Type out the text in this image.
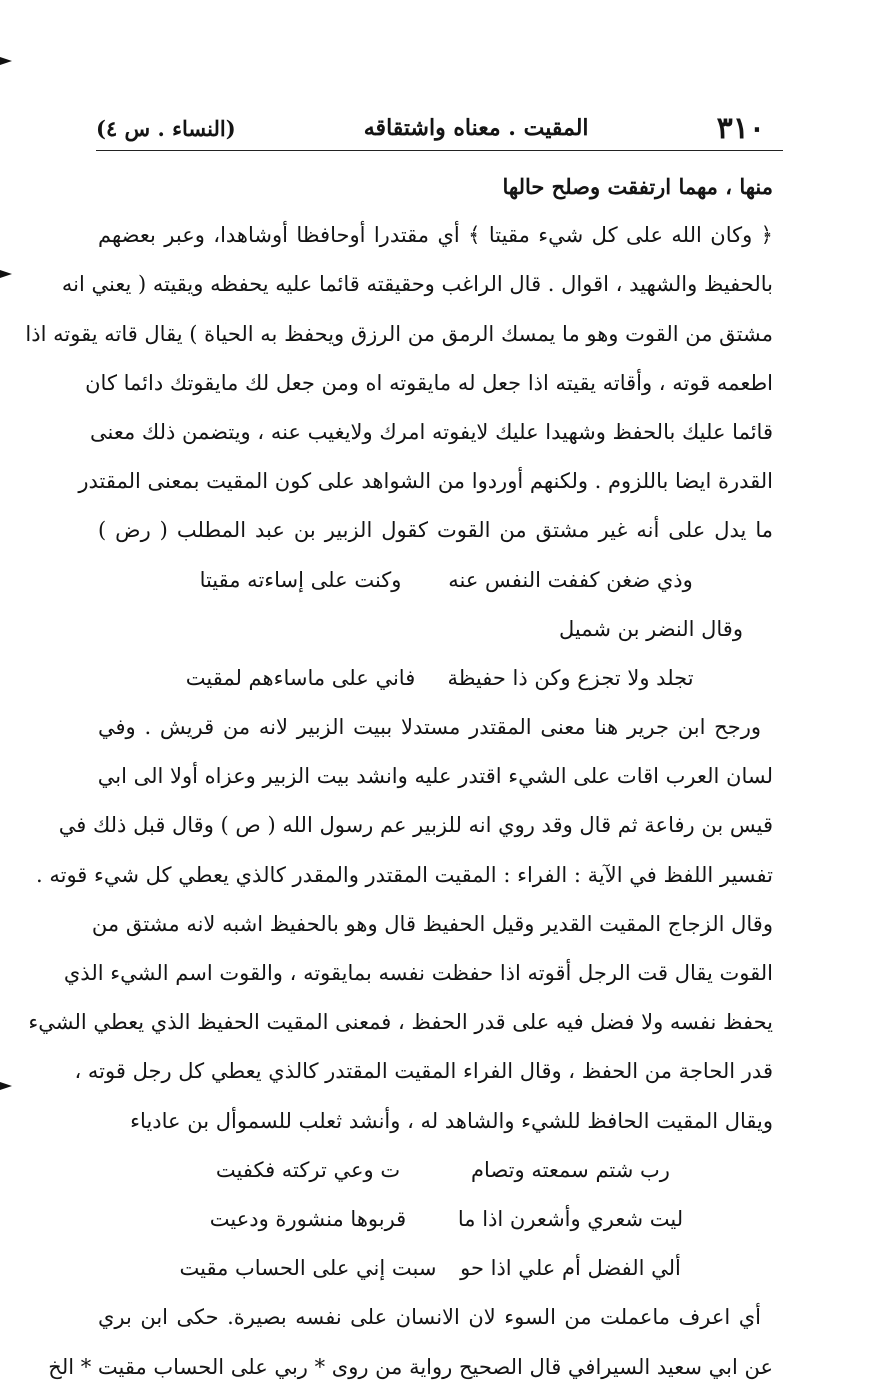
٣١٠
المقيت . معناه واشتقاقه
(النساء . س ٤)
منها ، مهما ارتفقت وصلح حالها
﴿ وكان الله على كل شيء مقيتا ﴾ أي مقتدرا أوحافظا أوشاهدا، وعبر بعضهم
بالحفيظ والشهيد ، اقوال . قال الراغب وحقيقته قائما عليه يحفظه ويقيته ( يعني انه
مشتق من القوت وهو ما يمسك الرمق من الرزق ويحفظ به الحياة ) يقال قاته يقوته اذا
اطعمه قوته ، وأقاته يقيته اذا جعل له مايقوته اه ومن جعل لك مايقوتك دائما كان
قائما عليك بالحفظ وشهيدا عليك لايفوته امرك ولايغيب عنه ، ويتضمن ذلك معنى
القدرة ايضا باللزوم . ولكنهم أوردوا من الشواهد على كون المقيت بمعنى المقتدر
ما يدل على أنه غير مشتق من القوت كقول الزبير بن عبد المطلب ( رض )
وذي ضغن كففت النفس عنه
وكنت على إساءته مقيتا
وقال النضر بن شميل
تجلد ولا تجزع وكن ذا حفيظة
فاني على ماساءهم لمقيت
ورجح ابن جرير هنا معنى المقتدر مستدلا ببيت الزبير لانه من قريش . وفي
لسان العرب اقات على الشيء اقتدر عليه وانشد بيت الزبير وعزاه أولا الى ابي
قيس بن رفاعة ثم قال وقد روي انه للزبير عم رسول الله ( ص ) وقال قبل ذلك في
تفسير اللفظ في الآية : الفراء : المقيت المقتدر والمقدر كالذي يعطي كل شيء قوته .
وقال الزجاج المقيت القدير وقيل الحفيظ قال وهو بالحفيظ اشبه لانه مشتق من
القوت يقال قت الرجل أقوته اذا حفظت نفسه بمايقوته ، والقوت اسم الشيء الذي
يحفظ نفسه ولا فضل فيه على قدر الحفظ ، فمعنى المقيت الحفيظ الذي يعطي الشيء
قدر الحاجة من الحفظ ، وقال الفراء المقيت المقتدر كالذي يعطي كل رجل قوته ،
ويقال المقيت الحافظ للشيء والشاهد له ، وأنشد ثعلب للسموأل بن عادياء
رب شتم سمعته وتصام
ت وعي تركته فكفيت
ليت شعري وأشعرن اذا ما
قربوها منشورة ودعيت
ألي الفضل أم علي اذا حو
سبت إني على الحساب مقيت
أي اعرف ماعملت من السوء لان الانسان على نفسه بصيرة. حكى ابن بري
عن ابي سعيد السيرافي قال الصحيح رواية من روى * ربي على الحساب مقيت * الخ
